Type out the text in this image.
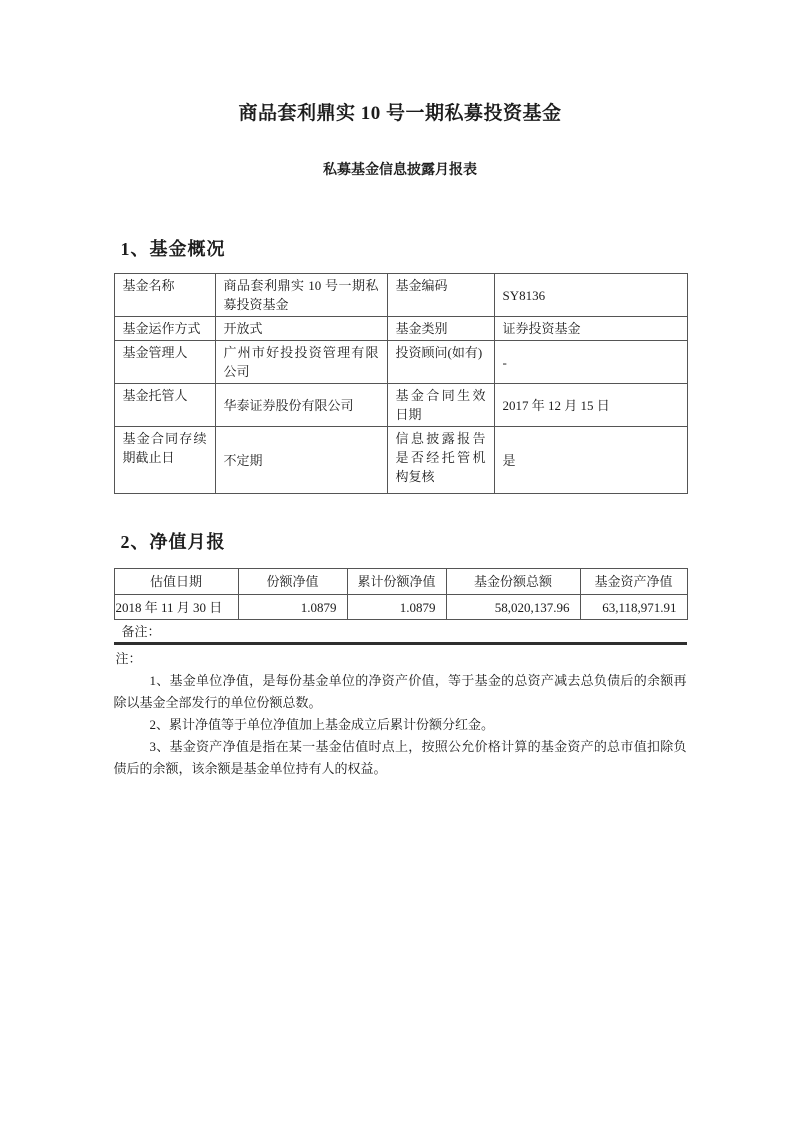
商品套利鼎实 10 号一期私募投资基金
私募基金信息披露月报表
1、基金概况
基金名称	商品套利鼎实 10 号一期私募投资基金	基金编码	SY8136
基金运作方式	开放式	基金类别	证券投资基金
基金管理人	广州市好投投资管理有限公司	投资顾问(如有)	-
基金托管人	华泰证券股份有限公司	基金合同生效日期	2017 年 12 月 15 日
基金合同存续期截止日	不定期	信息披露报告是否经托管机构复核	是
2、净值月报
估值日期	份额净值	累计份额净值	基金份额总额	基金资产净值
2018 年 11 月 30 日	1.0879	1.0879	58,020,137.96	63,118,971.91
备注：
注：

1、基金单位净值，是每份基金单位的净资产价值，等于基金的总资产减去总负债后的余额再除以基金全部发行的单位份额总数。

2、累计净值等于单位净值加上基金成立后累计份额分红金。

3、基金资产净值是指在某一基金估值时点上，按照公允价格计算的基金资产的总市值扣除负债后的余额，该余额是基金单位持有人的权益。
